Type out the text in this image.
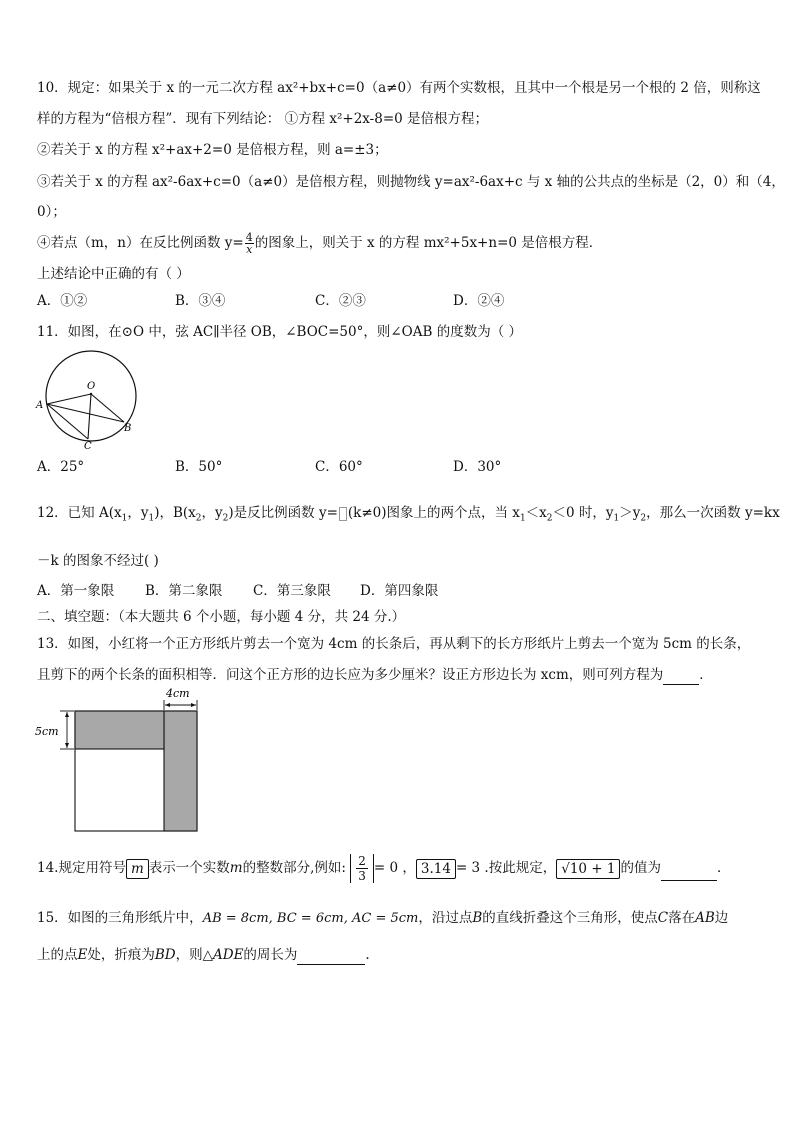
10．规定：如果关于 x 的一元二次方程 ax²+bx+c=0（a≠0）有两个实数根，且其中一个根是另一个根的 2 倍，则称这
样的方程为“倍根方程”．现有下列结论： ①方程 x²+2x-8=0 是倍根方程；
②若关于 x 的方程 x²+ax+2=0 是倍根方程，则 a=±3；
③若关于 x 的方程 ax²-6ax+c=0（a≠0）是倍根方程，则抛物线 y=ax²-6ax+c 与 x 轴的公共点的坐标是（2，0）和（4，
0）；
④若点（m，n）在反比例函数 $y= \frac{4}{x}$ 的图象上，则关于 x 的方程 mx²+5x+n=0 是倍根方程．
上述结论中正确的有（ ）
A．①②	B．③④	C．②③	D．②④
11．如图，在⊙O 中，弦 AC∥半径 OB，∠BOC=50°，则∠OAB 的度数为（ ）
O
A
B
C
A．25°	B．50°	C．60°	D．30°
12．已知 $A(x_1$，$y_1$)，$B(x_2$，$y_2$)是反比例函数 y= (k≠0)图象上的两个点，当 $x_1<x_2<0$ 时，$y_1>y_2$，那么一次函数 y=kx
－k 的图象不经过( )
A．第一象限 B．第二象限 C．第三象限 D．第四象限
二、填空题：（本大题共 6 个小题，每小题 4 分，共 24 分.）
13．如图，小红将一个正方形纸片剪去一个宽为 4cm 的长条后，再从剩下的长方形纸片上剪去一个宽为 5cm 的长条，
且剪下的两个长条的面积相等．问这个正方形的边长应为多少厘米？设正方形边长为 xcm，则可列方程为	．
4cm
5cm
14.规定用符号 m 表示一个实数m的整数部分,例如: $\frac{2}{3} = 0$ ， 3.14 = 3 .按此规定， √10 + 1 的值为	．
15．如图的三角形纸片中，AB = 8cm, BC = 6cm, AC = 5cm，沿过点B的直线折叠这个三角形，使点C落在AB边
上的点E处，折痕为BD，则△ADE的周长为	.
